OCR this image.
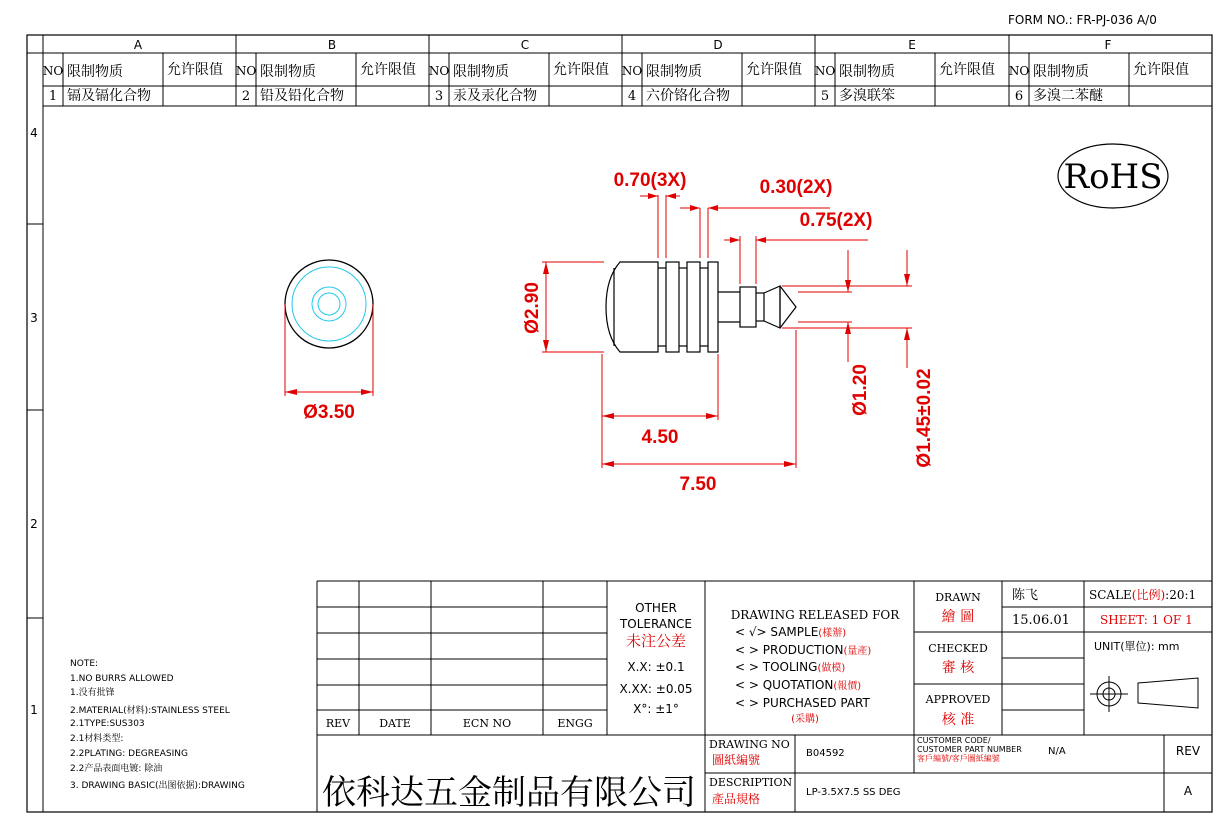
FORM NO.: FR-PJ-036 A/0
A	B	C	D	E	F
4
3
2
1
NO 限制物质	允许限值
1 镉及镉化合物
NO 限制物质	允许限值
2 铅及铅化合物
NO 限制物质	允许限值
3 汞及汞化合物
NO 限制物质	允许限值
4 六价铬化合物
NO 限制物质	允许限值
5 多溴联笨
NO 限制物质	允许限值
6 多溴二苯醚
RoHS
Ø3.50
0.70(3X)	0.30(2X)
0.75(2X)
4.50
7.50
Ø2.90
Ø1.20 Ø1.45±0.02
NOTE:
1.NO BURRS ALLOWED
1.没有批锋
2.MATERIAL(材料):STAINLESS STEEL
2.1TYPE:SUS303
2.1材料类型:
2.2PLATING: DEGREASING
2.2产品表面电镀: 除油
3. DRAWING BASIC(出图依据):DRAWING
REV	DATE	ECN NO	ENGG
依科达五金制品有限公司
OTHER
TOLERANCE
未注公差
X.X: ±0.1
X.XX: ±0.05
X°: ±1°
DRAWING RELEASED FOR
< √> SAMPLE(樣辦)
< > PRODUCTION(量產)
< > TOOLING(做模)
< > QUOTATION(報價)
< > PURCHASED PART
(采購)
DRAWN
繪 圖
陈飞
15.06.01
CHECKED
審 核
APPROVED
核 准
SCALE(比例):20:1
SHEET: 1 OF 1
UNIT(單位): mm
DRAWING NO
圖紙編號	B04592
CUSTOMER CODE/
CUSTOMER PART NUMBER
客戶編號/客戶圖紙編號
N/A	REV
DESCRIPTION
產品規格	LP-3.5X7.5 SS DEG	A
